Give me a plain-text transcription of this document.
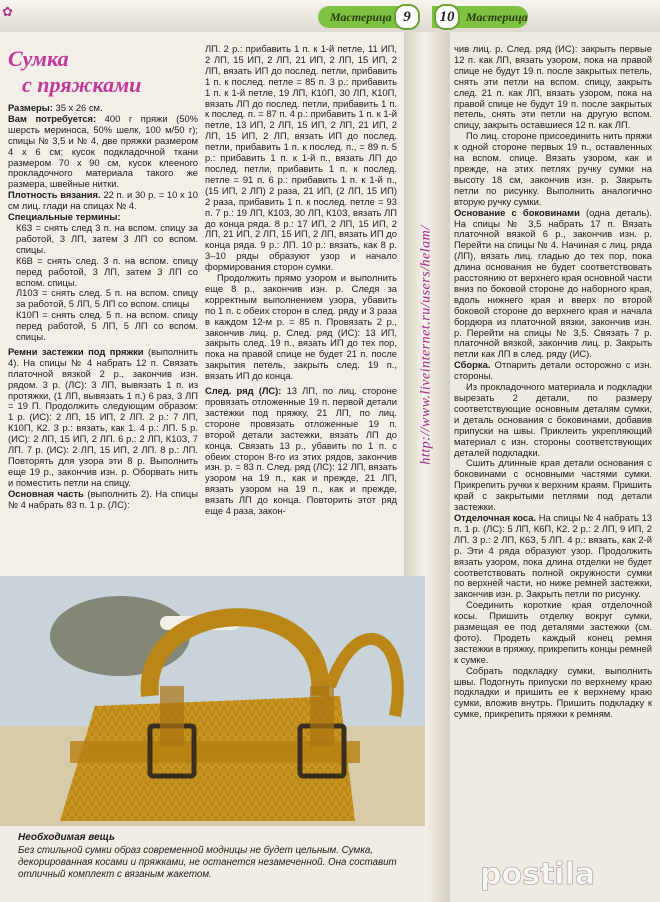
✿	Мастерица 9	10 Мастерица
Сумка
с пряжками

Размеры: 35 x 26 см.

Вам потребуется: 400 г пряжи (50% шерсть мериноса, 50% шелк, 100 м/50 г); спицы № 3,5 и № 4, две пряжки размером 4 x 6 см; кусок подкладочной ткани размером 70 x 90 см, кусок клееного прокладочного материала такого же размера, швейные нитки.

Плотность вязания. 22 п. и 30 р. = 10 x 10 см лиц. глади на спицах № 4.

Специальные термины:

К6З = снять след 3 п. на вспом. спицу за работой, 3 ЛП, затем 3 ЛП со вспом. спицы.

К6В = снять след. 3 п. на вспом. спицу перед работой, 3 ЛП, затем 3 ЛП со вспом. спицы.

Л10З = снять след. 5 п. на вспом. спицу за работой, 5 ЛП, 5 ЛП со вспом. спицы

К10П = снять след. 5 п. на вспом. спицу перед работой, 5 ЛП, 5 ЛП со вспом. спицы.

Ремни застежки под пряжки (выполнить 4). На спицы № 4 набрать 12 п. Связать платочной вязкой 2 р., закончив изн. рядом. 3 р. (ЛС): 3 ЛП, вывязать 1 п. из протяжки, (1 ЛП, вывязать 1 п.) 6 раз, 3 ЛП = 19 П. Продолжить следующим образом: 1 р. (ИС): 2 ЛП, 15 ИП, 2 ЛП. 2 р.: 7 ЛП, К10П, К2. 3 р.: вязать, как 1. 4 р.: ЛП. 5 р. (ИС): 2 ЛП, 15 ИП, 2 ЛП. 6 р.: 2 ЛП, К10З, 7 ЛП. 7 р. (ИС): 2 ЛП, 15 ИП, 2 ЛП. 8 р.: ЛП. Повторять для узора эти 8 р. Выполнить еще 19 р., закончив изн. р. Оборвать нить и поместить петли на спицу.

Основная часть (выполнить 2). На спицы № 4 набрать 83 п. 1 р. (ЛС):

ЛП. 2 р.: прибавить 1 п. к 1-й петле, 11 ИП, 2 ЛП, 15 ИП, 2 ЛП, 21 ИП, 2 ЛП, 15 ИП, 2 ЛП, вязать ИП до послед. петли, прибавить 1 п. к послед. петле = 85 п. 3 р.: прибавить 1 п. к 1-й петле, 19 ЛП, К10П, 30 ЛП, К10П, вязать ЛП до послед. петли, прибавить 1 п. к послед. п. = 87 п. 4 р.: прибавить 1 п. к 1-й петле, 13 ИП, 2 ЛП, 15 ИП, 2 ЛП, 21 ИП, 2 ЛП, 15 ИП, 2 ЛП, вязать ИП до послед. петли, прибавить 1 п. к послед. п., = 89 п. 5 р.: прибавить 1 п. к 1-й п., вязать ЛП до послед. петли, прибавить 1 п. к послед. петле = 91 п. 6 р.: прибавить 1 п. к 1-й п., (15 ИП, 2 ЛП) 2 раза, 21 ИП, (2 ЛП, 15 ИП) 2 раза, прибавить 1 п. к послед. петле = 93 п. 7 р.: 19 ЛП, К10З, 30 ЛП, К10З, вязать ЛП до конца ряда. 8 р.: 17 ИП, 2 ЛП, 15 ИП, 2 ЛП, 21 ИП, 2 ЛП, 15 ИП, 2 ЛП, вязать ИП до конца ряда. 9 р.: ЛП. 10 р.: вязать, как 8 р. 3–10 ряды образуют узор и начало формирования сторон сумки.

Продолжить прямо узором и выполнить еще 8 р., закончив изн. р. Следя за корректным выполнением узора, убавить по 1 п. с обеих сторон в след. ряду и 3 раза в каждом 12-м р. = 85 п. Провязать 2 р., закончив лиц. р. След. ряд (ИС): 13 ИП, закрыть след. 19 п., вязать ИП до тех пор, пока на правой спице не будет 21 п. после закрытия петель, закрыть след. 19 п., вязать ИП до конца.

След. ряд (ЛС): 13 ЛП, по лиц. стороне провязать отложенные 19 п. первой детали застежки под пряжку, 21 ЛП, по лиц. стороне провязать отложенные 19 п. второй детали застежки, вязать ЛП до конца. Связать 13 р., убавить по 1 п. с обеих сторон 8-го из этих рядов, закончив изн. р. = 83 п. След. ряд (ЛС): 12 ЛП, вязать узором на 19 п., как и прежде, 21 ЛП, вязать узором на 19 п., как и прежде, вязать ЛП до конца. Повторить этот ряд еще 4 раза, закон-

чив лиц. р. След. ряд (ИС): закрыть первые 12 п. как ЛП, вязать узором, пока на правой спице не будут 19 п. после закрытых петель, снять эти петли на вспом. спицу, закрыть след. 21 п. как ЛП, вязать узором, пока на правой спице не будут 19 п. после закрытых петель, снять эти петли на другую вспом. спицу, закрыть оставшиеся 12 п. как ЛП.

По лиц. стороне присоединить нить пряжи к одной стороне первых 19 п., оставленных на вспом. спице. Вязать узором, как и прежде, на этих петлях ручку сумки на высоту 18 см, закончив изн. р. Закрыть петли по рисунку. Выполнить аналогично вторую ручку сумки.

Основание с боковинами (одна деталь). На спицы № 3,5 набрать 17 п. Вязать платочной вязкой 6 р., закончив изн. р. Перейти на спицы № 4. Начиная с лиц. ряда (ЛП), вязать лиц. гладью до тех пор, пока длина основания не будет соответствовать расстоянию от верхнего края основной части вниз по боковой стороне до наборного края, вдоль нижнего края и вверх по второй боковой стороне до верхнего края и начала бордюра из платочной вязки, закончив изн. р. Перейти на спицы № 3,5. Связать 7 р. платочной вязкой, закончив лиц. р. Закрыть петли как ЛП в след. ряду (ИС).

Сборка. Отпарить детали осторожно с изн. стороны.

Из прокладочного материала и подкладки вырезать 2 детали, по размеру соответствующие основным деталям сумки, и деталь основания с боковинами, добавив припуски на швы. Приклеить укрепляющий материал с изн. стороны соответствующих деталей подкладки.

Сшить длинные края детали основания с боковинами с основными частями сумки. Прикрепить ручки к верхним краям. Пришить край с закрытыми петлями под детали застежки.

Отделочная коса. На спицы № 4 набрать 13 п. 1 р. (ЛС): 5 ЛП, К6П, К2. 2 р.: 2 ЛП, 9 ИП, 2 ЛП. 3 р.: 2 ЛП, К6З, 5 ЛП. 4 р.: вязать, как 2-й р. Эти 4 ряда образуют узор. Продолжить вязать узором, пока длина отделки не будет соответствовать полной окружности сумки по верхней части, но ниже ремней застежки, закончив изн. р. Закрыть петли по рисунку.

Соединить короткие края отделочной косы. Пришить отделку вокруг сумки, размещая ее под деталями застежки (см. фото). Продеть каждый конец ремня застежки в пряжку, прикрепить концы ремней к сумке.

Собрать подкладку сумки, выполнить швы. Подогнуть припуски по верхнему краю подкладки и пришить ее к верхнему краю сумки, вложив внутрь. Пришить подкладку к сумке, прикрепить пряжки к ремням.

http://www.liveinternet.ru/users/helam/
Необходимая вещь
Без стильной сумки образ современной модницы не будет цельным. Сумка, декорированная косами и пряжками, не останется незамеченной. Она составит отличный комплект с вязаным жакетом.	postila
